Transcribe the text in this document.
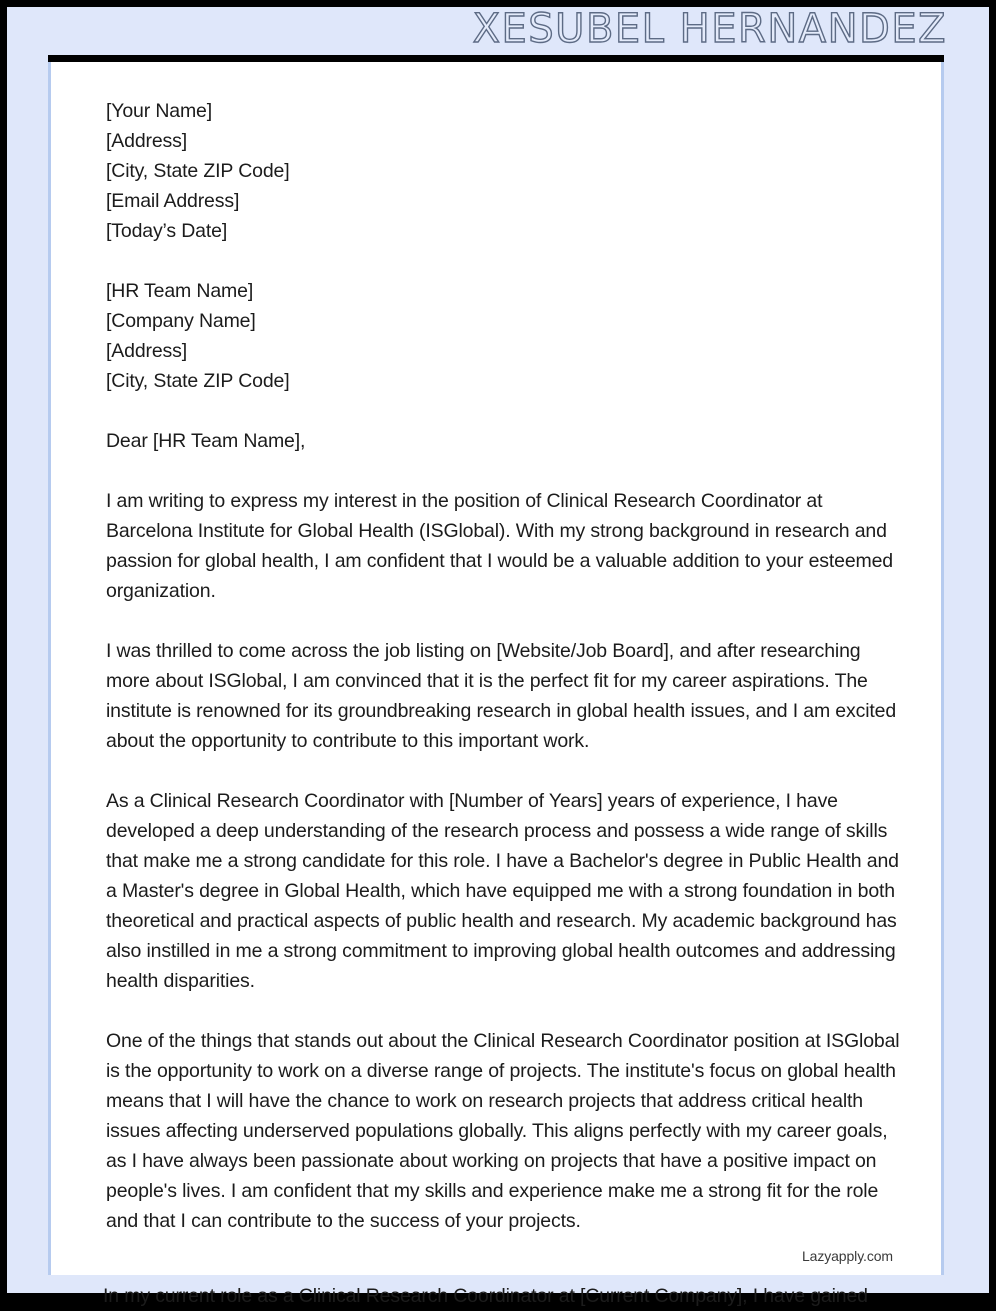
XESUBEL HERNANDEZ
[Your Name]
[Address]
[City, State ZIP Code]
[Email Address]
[Today’s Date]
[HR Team Name]
[Company Name]
[Address]
[City, State ZIP Code]
Dear [HR Team Name],

I am writing to express my interest in the position of Clinical Research Coordinator at Barcelona Institute for Global Health (ISGlobal). With my strong background in research and passion for global health, I am confident that I would be a valuable addition to your esteemed organization.

I was thrilled to come across the job listing on [Website/Job Board], and after researching more about ISGlobal, I am convinced that it is the perfect fit for my career aspirations. The institute is renowned for its groundbreaking research in global health issues, and I am excited about the opportunity to contribute to this important work.

As a Clinical Research Coordinator with [Number of Years] years of experience, I have developed a deep understanding of the research process and possess a wide range of skills that make me a strong candidate for this role. I have a Bachelor's degree in Public Health and a Master's degree in Global Health, which have equipped me with a strong foundation in both theoretical and practical aspects of public health and research. My academic background has also instilled in me a strong commitment to improving global health outcomes and addressing health disparities.

One of the things that stands out about the Clinical Research Coordinator position at ISGlobal is the opportunity to work on a diverse range of projects. The institute's focus on global health means that I will have the chance to work on research projects that address critical health issues affecting underserved populations globally. This aligns perfectly with my career goals, as I have always been passionate about working on projects that have a positive impact on people's lives. I am confident that my skills and experience make me a strong fit for the role and that I can contribute to the success of your projects.

Lazyapply.com
In my current role as a Clinical Research Coordinator at [Current Company], I have gained
